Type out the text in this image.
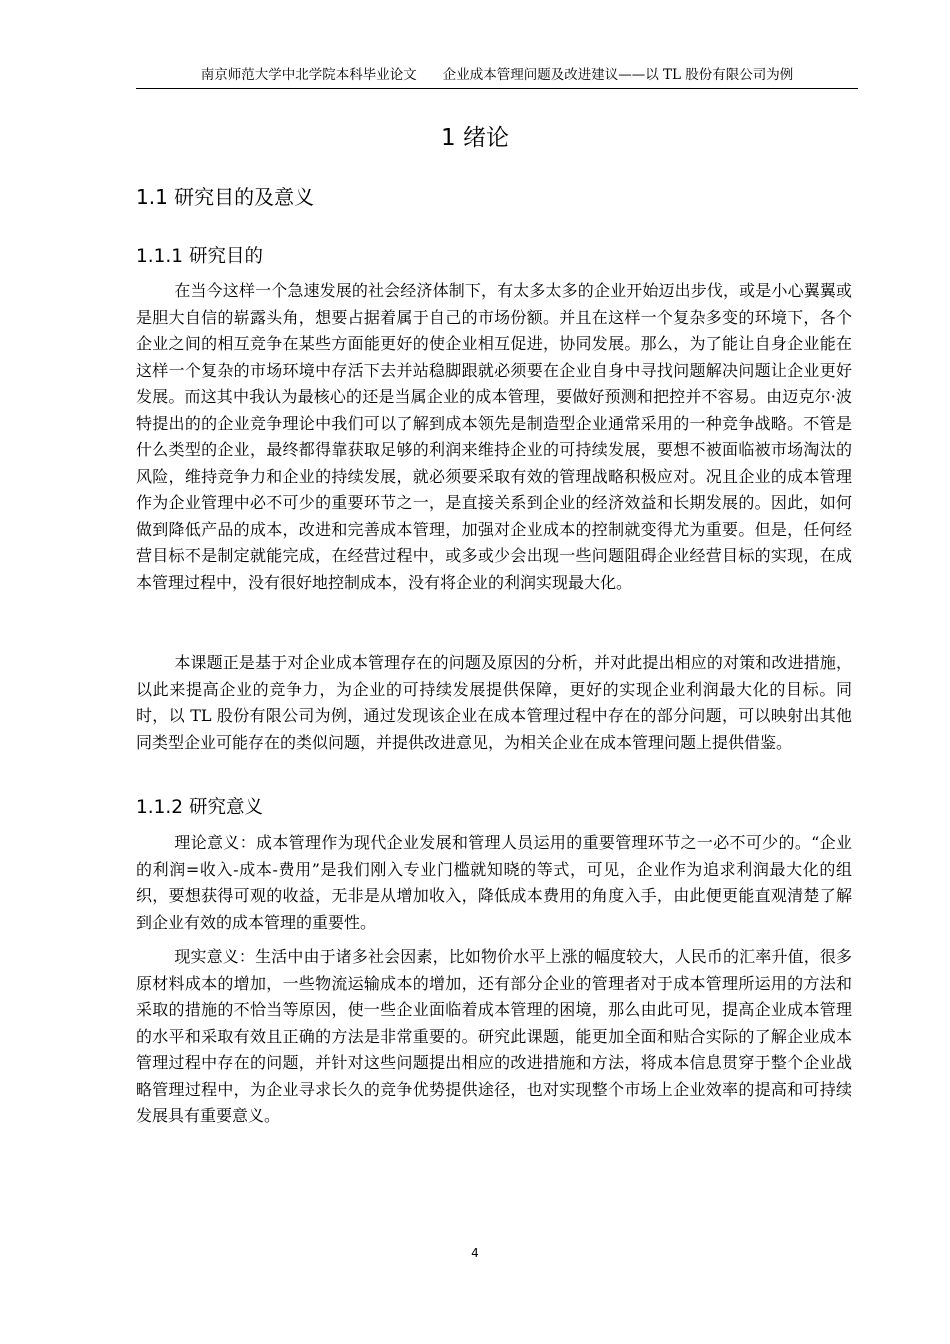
南京师范大学中北学院本科毕业论文 企业成本管理问题及改进建议——以 TL 股份有限公司为例
1 绪论
1.1 研究目的及意义
1.1.1 研究目的

在当今这样一个急速发展的社会经济体制下，有太多太多的企业开始迈出步伐，或是小心翼翼或是胆大自信的崭露头角，想要占据着属于自己的市场份额。并且在这样一个复杂多变的环境下，各个企业之间的相互竞争在某些方面能更好的使企业相互促进，协同发展。那么，为了能让自身企业能在这样一个复杂的市场环境中存活下去并站稳脚跟就必须要在企业自身中寻找问题解决问题让企业更好发展。而这其中我认为最核心的还是当属企业的成本管理，要做好预测和把控并不容易。由迈克尔·波特提出的的企业竞争理论中我们可以了解到成本领先是制造型企业通常采用的一种竞争战略。不管是什么类型的企业，最终都得靠获取足够的利润来维持企业的可持续发展，要想不被面临被市场淘汰的风险，维持竞争力和企业的持续发展，就必须要采取有效的管理战略积极应对。况且企业的成本管理作为企业管理中必不可少的重要环节之一，是直接关系到企业的经济效益和长期发展的。因此，如何做到降低产品的成本，改进和完善成本管理，加强对企业成本的控制就变得尤为重要。但是，任何经营目标不是制定就能完成，在经营过程中，或多或少会出现一些问题阻碍企业经营目标的实现，在成本管理过程中，没有很好地控制成本，没有将企业的利润实现最大化。

本课题正是基于对企业成本管理存在的问题及原因的分析，并对此提出相应的对策和改进措施，以此来提高企业的竞争力，为企业的可持续发展提供保障，更好的实现企业利润最大化的目标。同时，以 TL 股份有限公司为例，通过发现该企业在成本管理过程中存在的部分问题，可以映射出其他同类型企业可能存在的类似问题，并提供改进意见，为相关企业在成本管理问题上提供借鉴。

1.1.2 研究意义

理论意义：成本管理作为现代企业发展和管理人员运用的重要管理环节之一必不可少的。“企业的利润=收入-成本-费用”是我们刚入专业门槛就知晓的等式，可见，企业作为追求利润最大化的组织，要想获得可观的收益，无非是从增加收入，降低成本费用的角度入手，由此便更能直观清楚了解到企业有效的成本管理的重要性。

现实意义：生活中由于诸多社会因素，比如物价水平上涨的幅度较大，人民币的汇率升值，很多原材料成本的增加，一些物流运输成本的增加，还有部分企业的管理者对于成本管理所运用的方法和采取的措施的不恰当等原因，使一些企业面临着成本管理的困境，那么由此可见，提高企业成本管理的水平和采取有效且正确的方法是非常重要的。研究此课题，能更加全面和贴合实际的了解企业成本管理过程中存在的问题，并针对这些问题提出相应的改进措施和方法，将成本信息贯穿于整个企业战略管理过程中，为企业寻求长久的竞争优势提供途径，也对实现整个市场上企业效率的提高和可持续发展具有重要意义。

4
